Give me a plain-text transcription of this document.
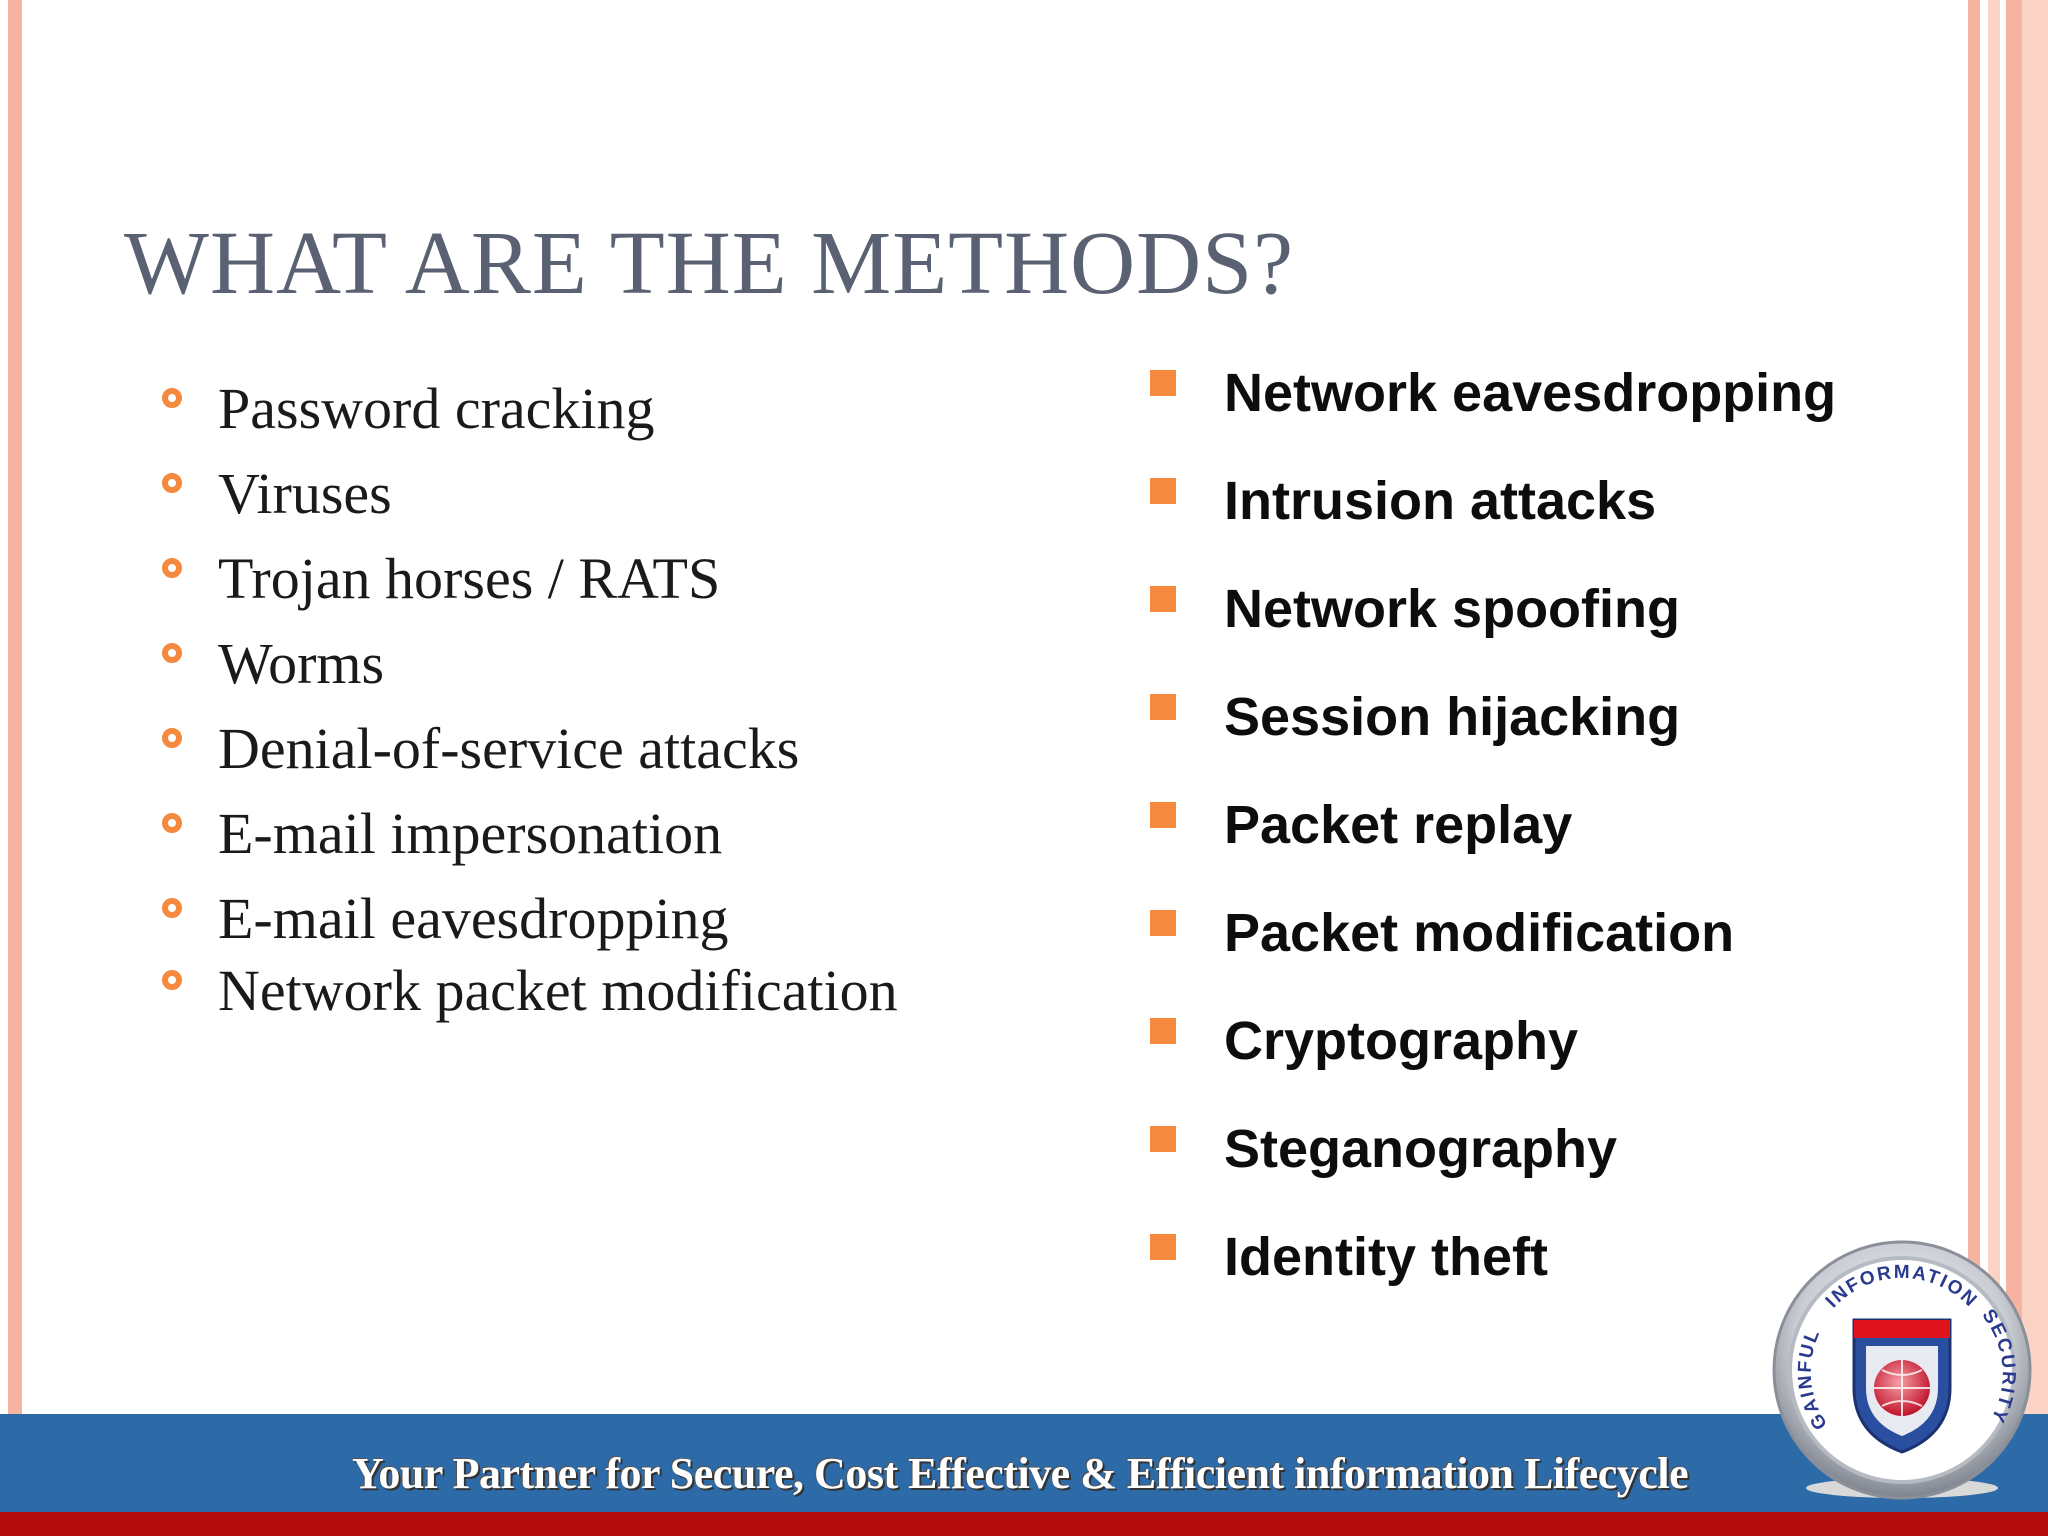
WHAT ARE THE METHODS?
Password cracking
Viruses
Trojan horses / RATS
Worms
Denial-of-service attacks
E-mail impersonation
E-mail eavesdropping
Network packet modification
Network eavesdropping
Intrusion attacks
Network spoofing
Session hijacking
Packet replay
Packet modification
Cryptography
Steganography
Identity theft
Your Partner for Secure, Cost Effective & Efficient information Lifecycle
INFORMATION
GAINFUL
SECURITY
